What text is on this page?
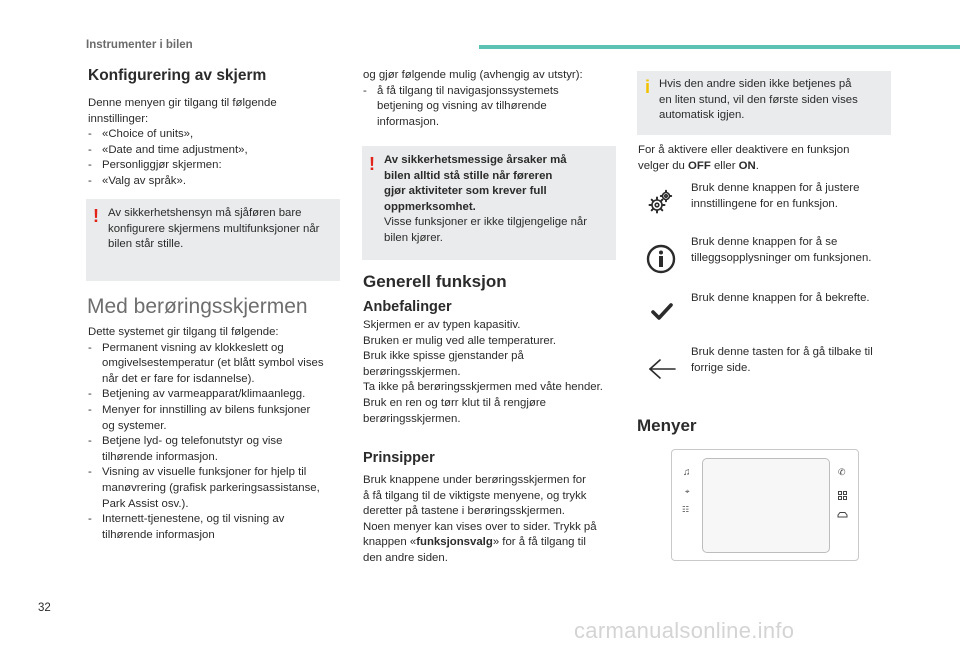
Instrumenter i bilen
Konfigurering av skjerm
Denne menyen gir tilgang til følgende
innstillinger:
- «Choice of units»,
- «Date and time adjustment»,
- Personliggjør skjermen:
- «Valg av språk».
! Av sikkerhetshensyn må sjåføren bare
konfigurere skjermens multifunksjoner når
bilen står stille.
Med berøringsskjermen
Dette systemet gir tilgang til følgende:
- Permanent visning av klokkeslett og
omgivelsestemperatur (et blått symbol vises
når det er fare for isdannelse).
- Betjening av varmeapparat/klimaanlegg.
- Menyer for innstilling av bilens funksjoner
og systemer.
- Betjene lyd- og telefonutstyr og vise
tilhørende informasjon.
- Visning av visuelle funksjoner for hjelp til
manøvrering (grafisk parkeringsassistanse,
Park Assist osv.).
- Internett-tjenestene, og til visning av
tilhørende informasjon
og gjør følgende mulig (avhengig av utstyr):
- å få tilgang til navigasjonssystemets
betjening og visning av tilhørende
informasjon.
! Av sikkerhetsmessige årsaker må
bilen alltid stå stille når føreren
gjør aktiviteter som krever full
oppmerksomhet.
Visse funksjoner er ikke tilgjengelige når
bilen kjører.
Generell funksjon
Anbefalinger
Skjermen er av typen kapasitiv.
Bruken er mulig ved alle temperaturer.
Bruk ikke spisse gjenstander på
berøringsskjermen.
Ta ikke på berøringsskjermen med våte hender.
Bruk en ren og tørr klut til å rengjøre
berøringsskjermen.
Prinsipper
Bruk knappene under berøringsskjermen for
å få tilgang til de viktigste menyene, og trykk
deretter på tastene i berøringsskjermen.
Noen menyer kan vises over to sider. Trykk på
knappen «funksjonsvalg» for å få tilgang til
den andre siden.
i Hvis den andre siden ikke betjenes på
en liten stund, vil den første siden vises
automatisk igjen.
For å aktivere eller deaktivere en funksjon
velger du OFF eller ON.
Bruk denne knappen for å justere
innstillingene for en funksjon.
Bruk denne knappen for å se
tilleggsopplysninger om funksjonen.
Bruk denne knappen for å bekrefte.
Bruk denne tasten for å gå tilbake til
forrige side.
Menyer
♫
⌖
☷
✆
32
carmanualsonline.info
